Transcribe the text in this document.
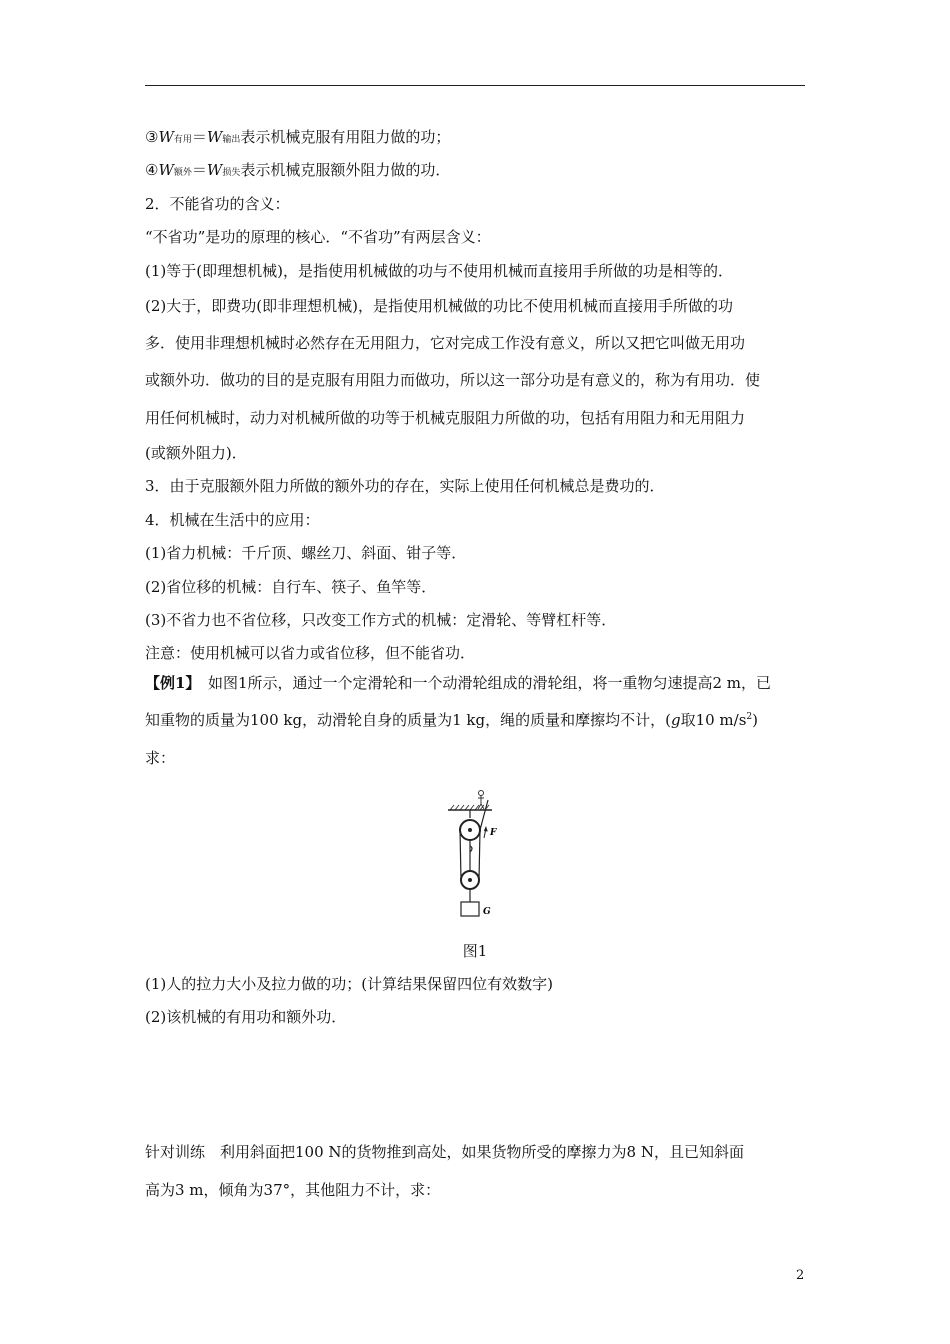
③W有用＝W输出表示机械克服有用阻力做的功；
④W额外＝W损失表示机械克服额外阻力做的功．
2．不能省功的含义：
“不省功”是功的原理的核心．“不省功”有两层含义：
(1)等于(即理想机械)，是指使用机械做的功与不使用机械而直接用手所做的功是相等的．
(2)大于，即费功(即非理想机械)，是指使用机械做的功比不使用机械而直接用手所做的功
多．使用非理想机械时必然存在无用阻力，它对完成工作没有意义，所以又把它叫做无用功
或额外功．做功的目的是克服有用阻力而做功，所以这一部分功是有意义的，称为有用功．使
用任何机械时，动力对机械所做的功等于机械克服阻力所做的功，包括有用阻力和无用阻力
(或额外阻力)．
3．由于克服额外阻力所做的额外功的存在，实际上使用任何机械总是费功的．
4．机械在生活中的应用：
(1)省力机械：千斤顶、螺丝刀、斜面、钳子等．
(2)省位移的机械：自行车、筷子、鱼竿等．
(3)不省力也不省位移，只改变工作方式的机械：定滑轮、等臂杠杆等．
注意：使用机械可以省力或省位移，但不能省功．
【例1】　如图1所示，通过一个定滑轮和一个动滑轮组成的滑轮组，将一重物匀速提高2 m，已
知重物的质量为100 kg，动滑轮自身的质量为1 kg，绳的质量和摩擦均不计，(g取10 $m/s^2$)
求：
F
G
图1
(1)人的拉力大小及拉力做的功；(计算结果保留四位有效数字)
(2)该机械的有用功和额外功．
针对训练　利用斜面把100 N的货物推到高处，如果货物所受的摩擦力为8 N，且已知斜面
高为3 m，倾角为37°，其他阻力不计，求：
2
